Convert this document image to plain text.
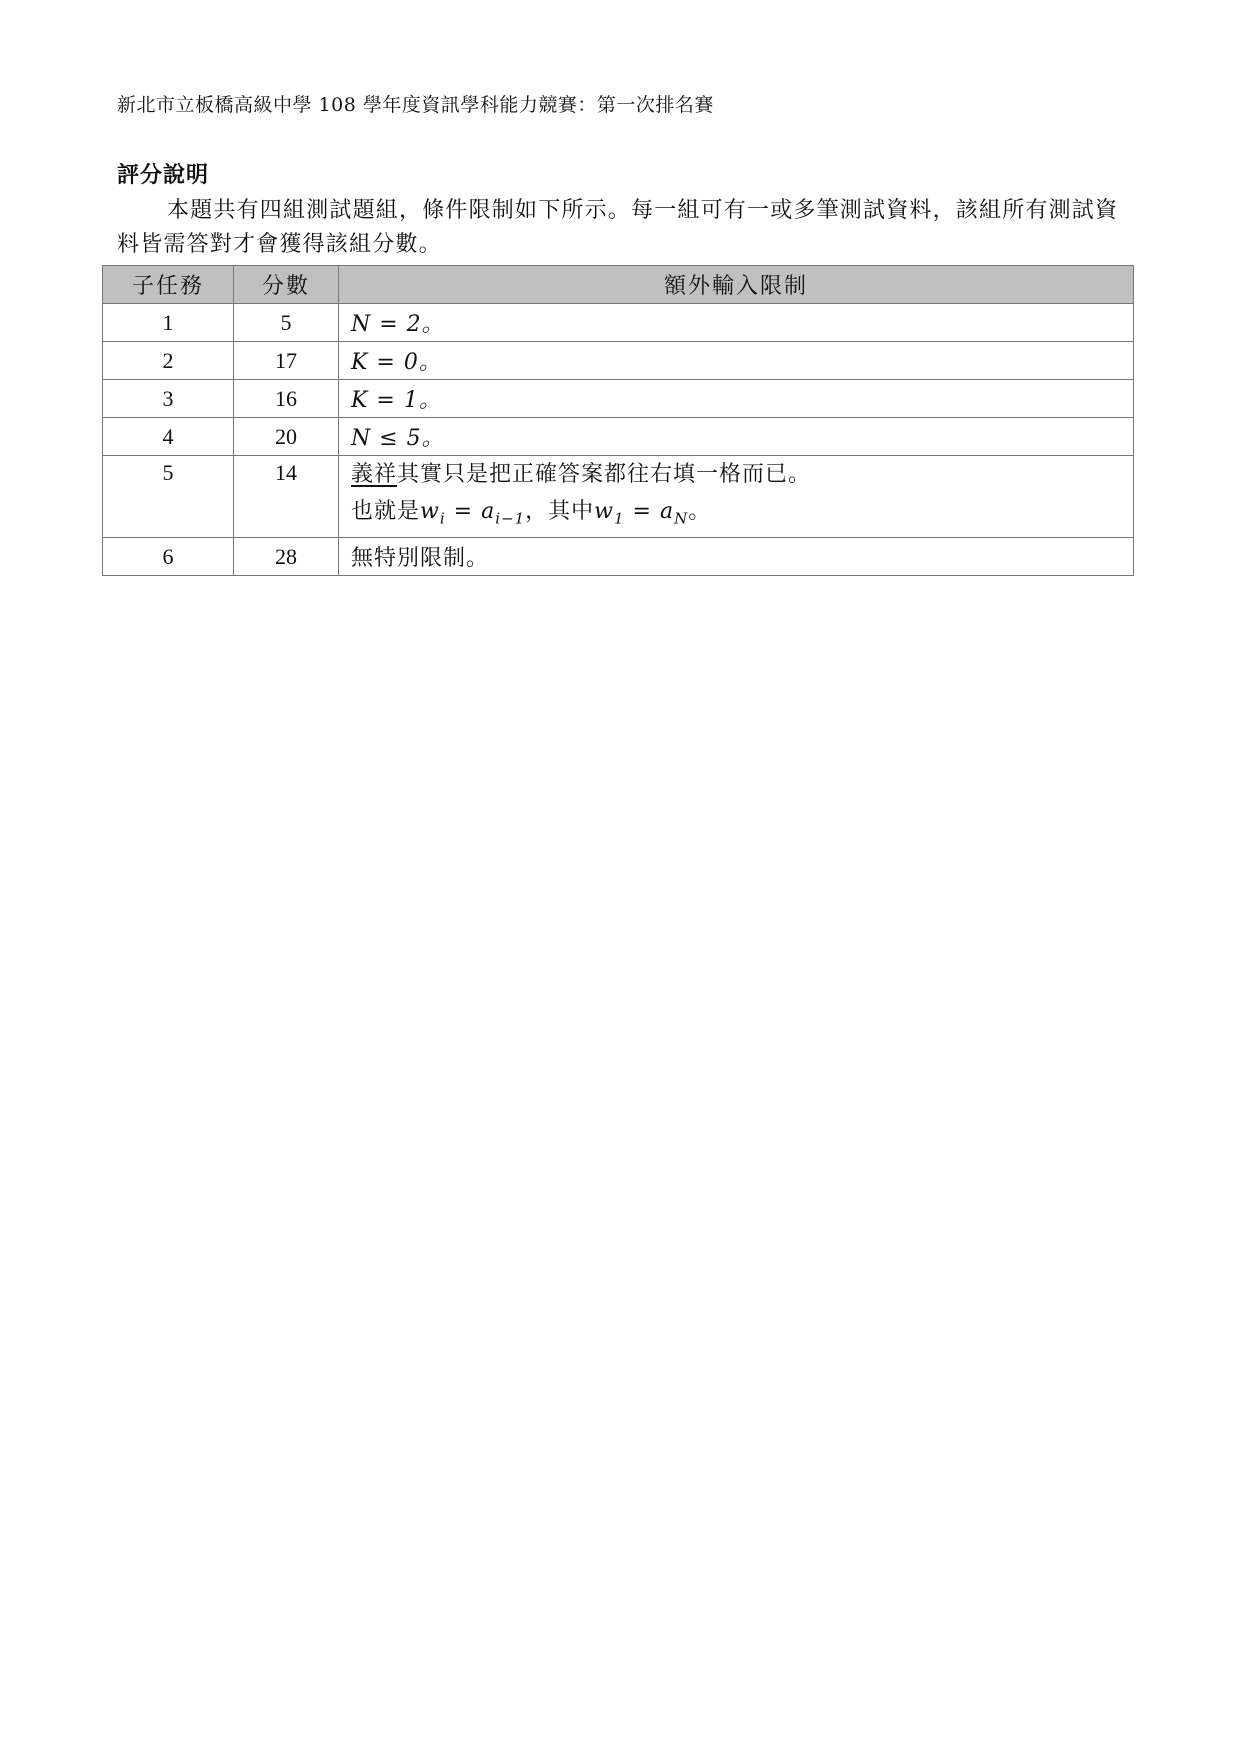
新北市立板橋高級中學 108 學年度資訊學科能力競賽：第一次排名賽
評分說明

本題共有四組測試題組，條件限制如下所示。每一組可有一或多筆測試資料，該組所有測試資料皆需答對才會獲得該組分數。

子任務	分數	額外輸入限制
1	5	N = 2。
2	17	K = 0。
3	16	K = 1。
4	20	N ≤ 5。
5	14	義祥其實只是把正確答案都往右填一格而已。
也就是$w_i = a_{i-1}$，其中$w_1 = a_N$。

6	28	無特別限制。
